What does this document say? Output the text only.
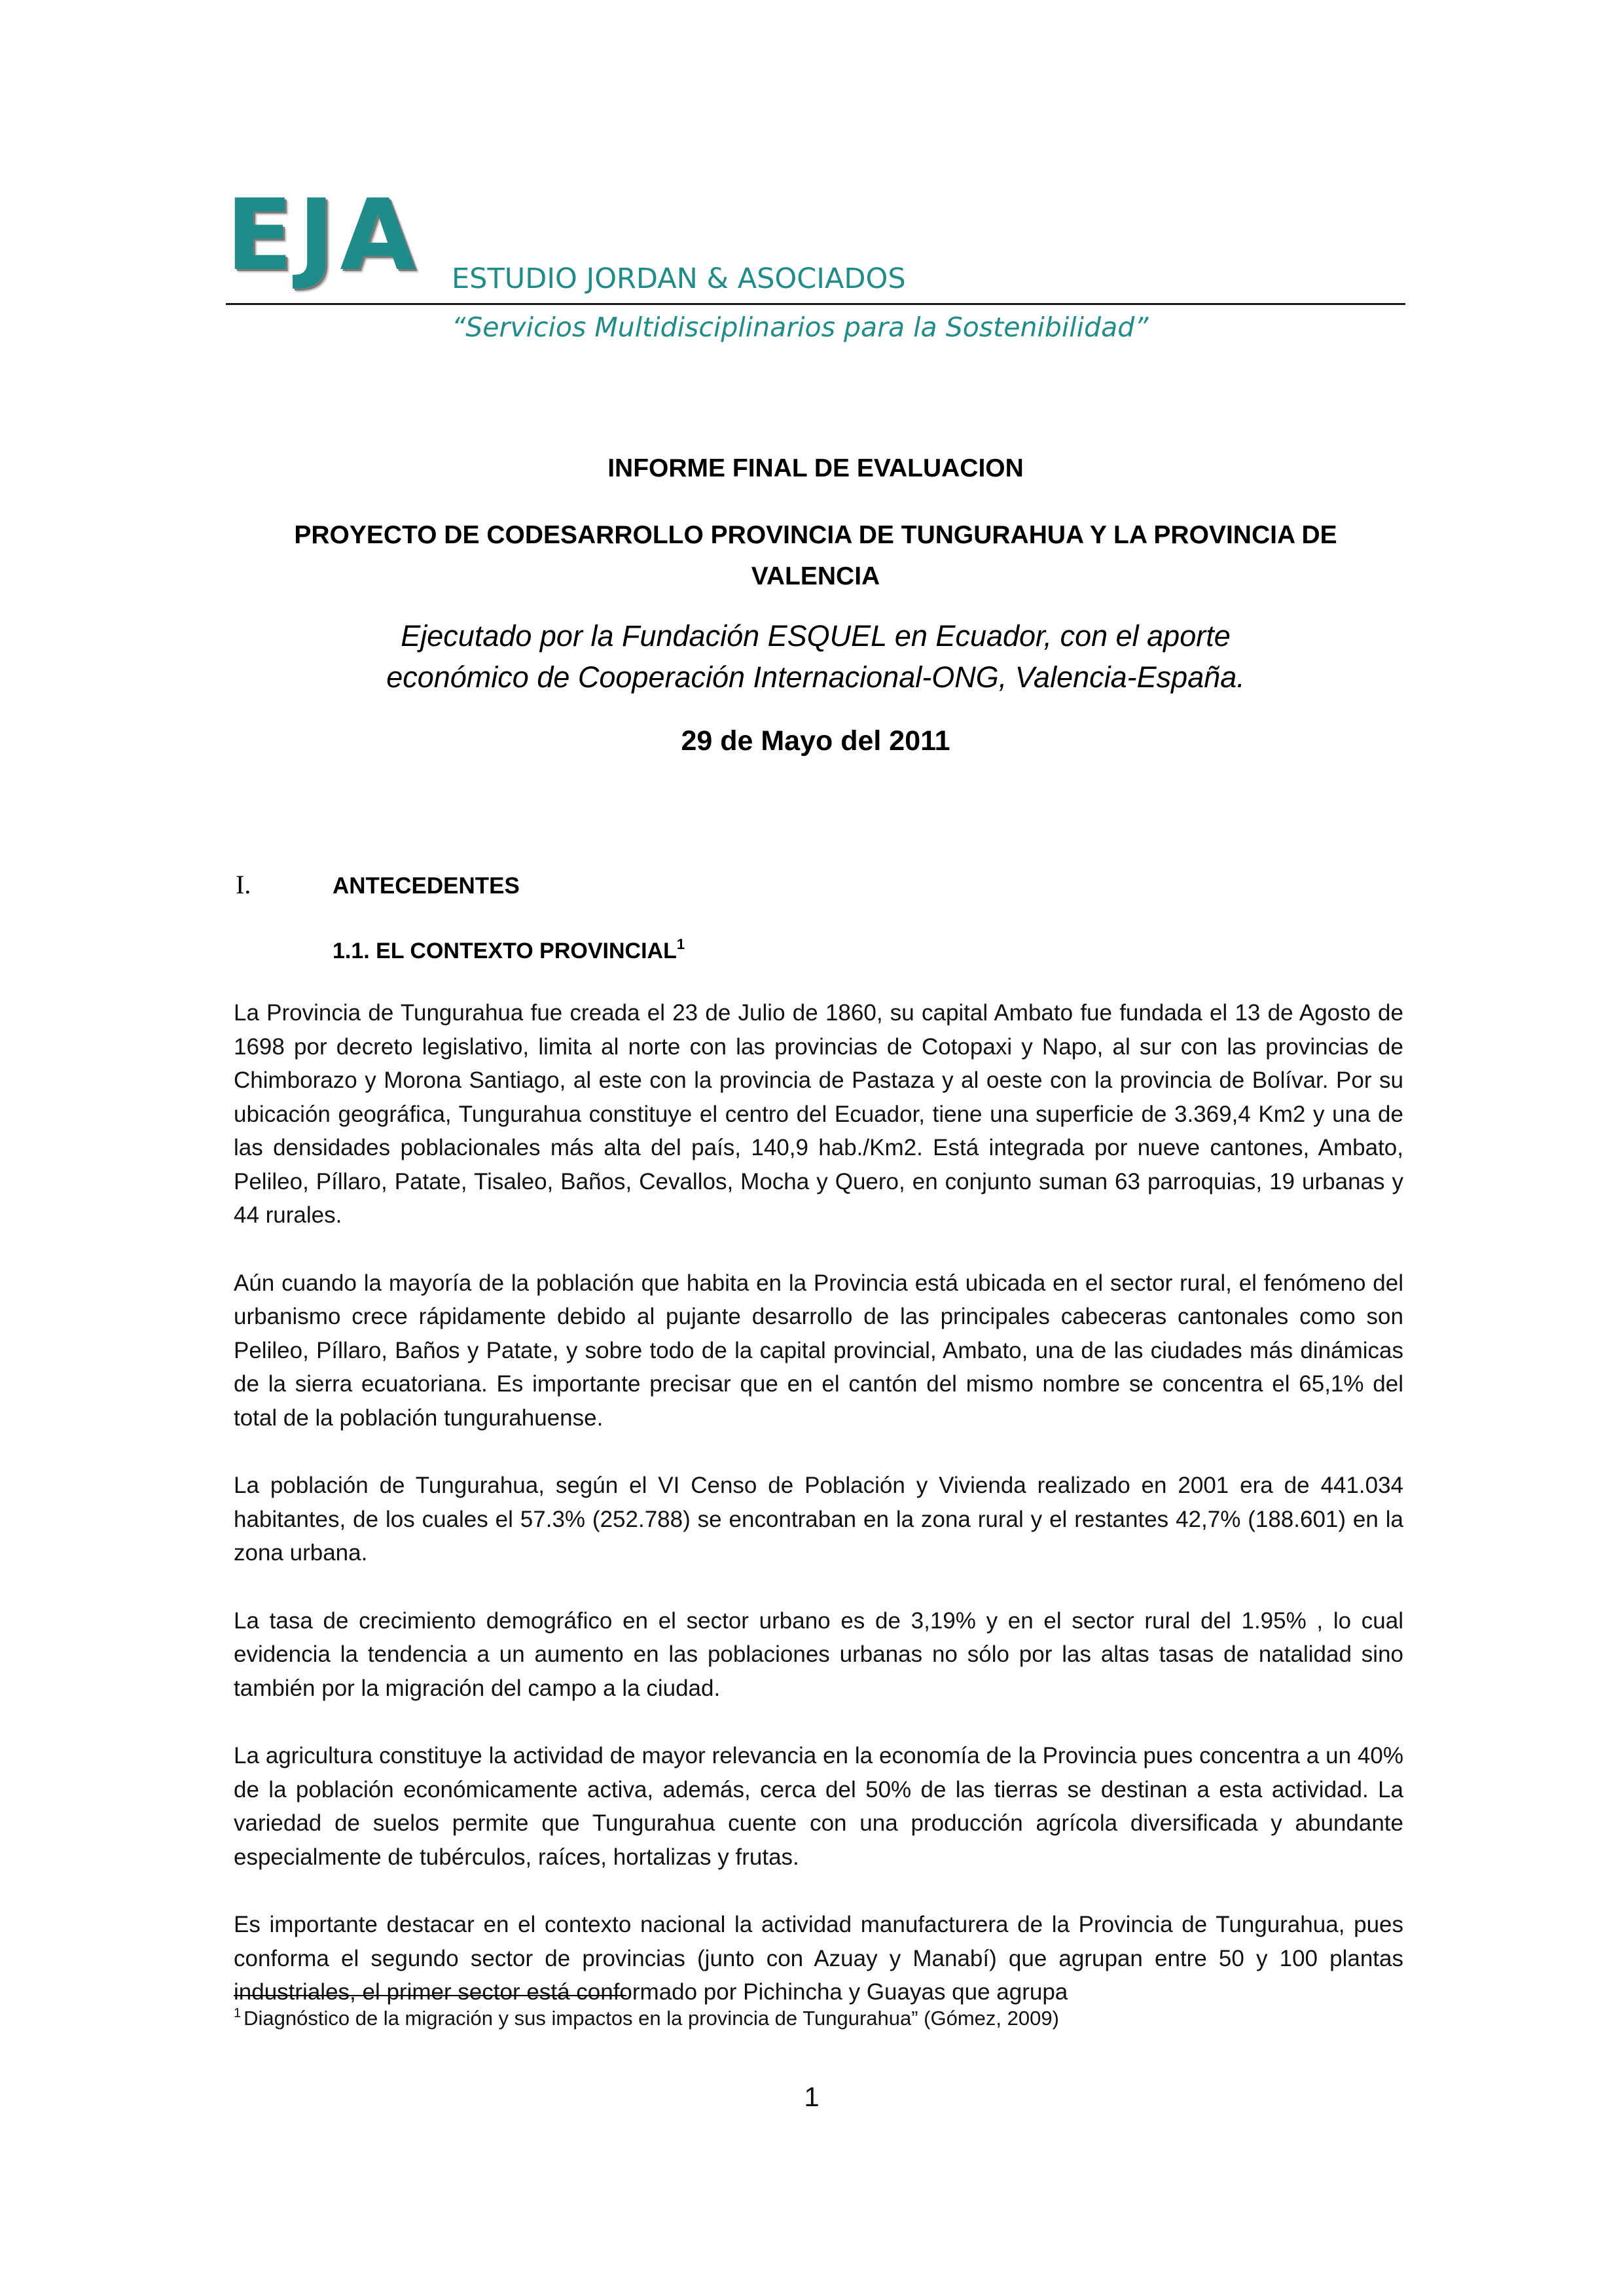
EJA ESTUDIO JORDAN & ASOCIADOS
“Servicios Multidisciplinarios para la Sostenibilidad”

INFORME FINAL DE EVALUACION

PROYECTO DE CODESARROLLO PROVINCIA DE TUNGURAHUA Y LA PROVINCIA DE VALENCIA

Ejecutado por la Fundación ESQUEL en Ecuador, con el aporte económico de Cooperación Internacional-ONG, Valencia-España.

29 de Mayo del 2011

I.	ANTECEDENTES
1.1. EL CONTEXTO PROVINCIAL$^1$

La Provincia de Tungurahua fue creada el 23 de Julio de 1860, su capital Ambato fue fundada el 13 de Agosto de 1698 por decreto legislativo, limita al norte con las provincias de Cotopaxi y Napo, al sur con las provincias de Chimborazo y Morona Santiago, al este con la provincia de Pastaza y al oeste con la provincia de Bolívar. Por su ubicación geográfica, Tungurahua constituye el centro del Ecuador, tiene una superficie de 3.369,4 Km2 y una de las densidades poblacionales más alta del país, 140,9 hab./Km2. Está integrada por nueve cantones, Ambato, Pelileo, Píllaro, Patate, Tisaleo, Baños, Cevallos, Mocha y Quero, en conjunto suman 63 parroquias, 19 urbanas y 44 rurales.

Aún cuando la mayoría de la población que habita en la Provincia está ubicada en el sector rural, el fenómeno del urbanismo crece rápidamente debido al pujante desarrollo de las principales cabeceras cantonales como son Pelileo, Píllaro, Baños y Patate, y sobre todo de la capital provincial, Ambato, una de las ciudades más dinámicas de la sierra ecuatoriana. Es importante precisar que en el cantón del mismo nombre se concentra el 65,1% del total de la población tungurahuense.

La población de Tungurahua, según el VI Censo de Población y Vivienda realizado en 2001 era de 441.034 habitantes, de los cuales el 57.3% (252.788) se encontraban en la zona rural y el restantes 42,7% (188.601) en la zona urbana.

La tasa de crecimiento demográfico en el sector urbano es de 3,19% y en el sector rural del 1.95% , lo cual evidencia la tendencia a un aumento en las poblaciones urbanas no sólo por las altas tasas de natalidad sino también por la migración del campo a la ciudad.

La agricultura constituye la actividad de mayor relevancia en la economía de la Provincia pues concentra a un 40% de la población económicamente activa, además, cerca del 50% de las tierras se destinan a esta actividad. La variedad de suelos permite que Tungurahua cuente con una producción agrícola diversificada y abundante especialmente de tubérculos, raíces, hortalizas y frutas.

Es importante destacar en el contexto nacional la actividad manufacturera de la Provincia de Tungurahua, pues conforma el segundo sector de provincias (junto con Azuay y Manabí) que agrupan entre 50 y 100 plantas industriales, el primer sector está conformado por Pichincha y Guayas que agrupa

$^1$ Diagnóstico de la migración y sus impactos en la provincia de Tungurahua” (Gómez, 2009)
1
